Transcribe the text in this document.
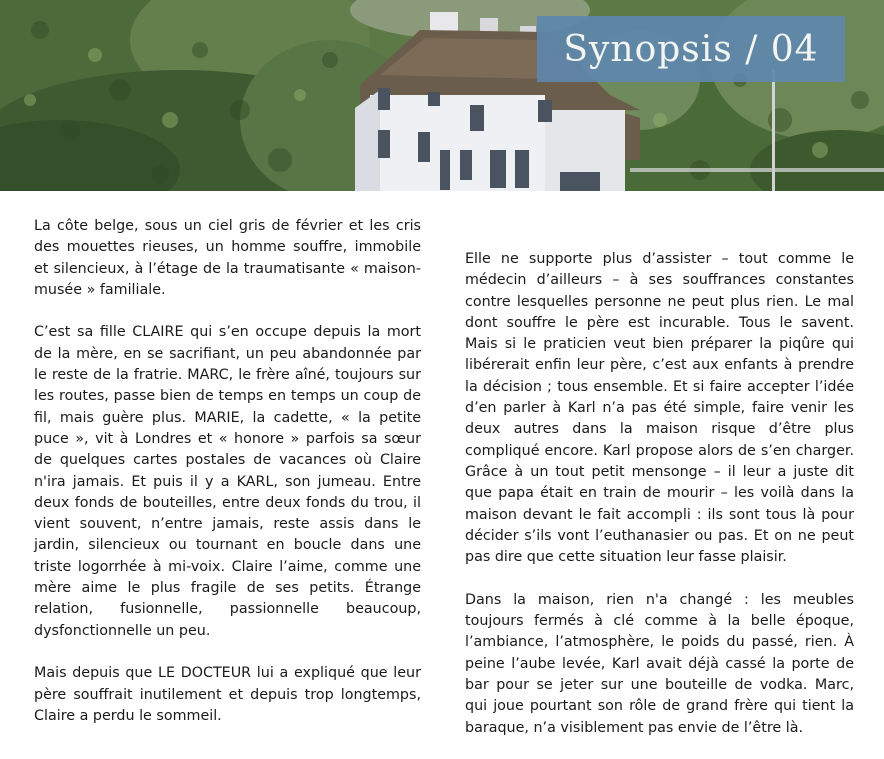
Synopsis / 04

La côte belge, sous un ciel gris de février et les cris des mouettes rieuses, un homme souffre, immobile et silencieux, à l’étage de la traumatisante « maison-musée » familiale.

C’est sa fille CLAIRE qui s’en occupe depuis la mort de la mère, en se sacrifiant, un peu abandonnée par le reste de la fratrie. MARC, le frère aîné, toujours sur les routes, passe bien de temps en temps un coup de fil, mais guère plus. MARIE, la cadette, « la petite puce », vit à Londres et « honore » parfois sa sœur de quelques cartes postales de vacances où Claire n'ira jamais. Et puis il y a KARL, son jumeau. Entre deux fonds de bouteilles, entre deux fonds du trou, il vient souvent, n’entre jamais, reste assis dans le jardin, silencieux ou tournant en boucle dans une triste logorrhée à mi-voix. Claire l’aime, comme une mère aime le plus fragile de ses petits. Étrange relation, fusionnelle, passionnelle beaucoup, dysfonctionnelle un peu.

Mais depuis que LE DOCTEUR lui a expliqué que leur père souffrait inutilement et depuis trop longtemps, Claire a perdu le sommeil.

Elle ne supporte plus d’assister – tout comme le médecin d’ailleurs – à ses souffrances constantes contre lesquelles personne ne peut plus rien. Le mal dont souffre le père est incurable. Tous le savent. Mais si le praticien veut bien préparer la piqûre qui libérerait enfin leur père, c’est aux enfants à prendre la décision ; tous ensemble. Et si faire accepter l’idée d’en parler à Karl n’a pas été simple, faire venir les deux autres dans la maison risque d’être plus compliqué encore. Karl propose alors de s’en charger. Grâce à un tout petit mensonge – il leur a juste dit que papa était en train de mourir – les voilà dans la maison devant le fait accompli : ils sont tous là pour décider s’ils vont l’euthanasier ou pas. Et on ne peut pas dire que cette situation leur fasse plaisir.

Dans la maison, rien n'a changé : les meubles toujours fermés à clé comme à la belle époque, l’ambiance, l’atmosphère, le poids du passé, rien. À peine l’aube levée, Karl avait déjà cassé la porte de bar pour se jeter sur une bouteille de vodka. Marc, qui joue pourtant son rôle de grand frère qui tient la baraque, n’a visiblement pas envie de l’être là.
